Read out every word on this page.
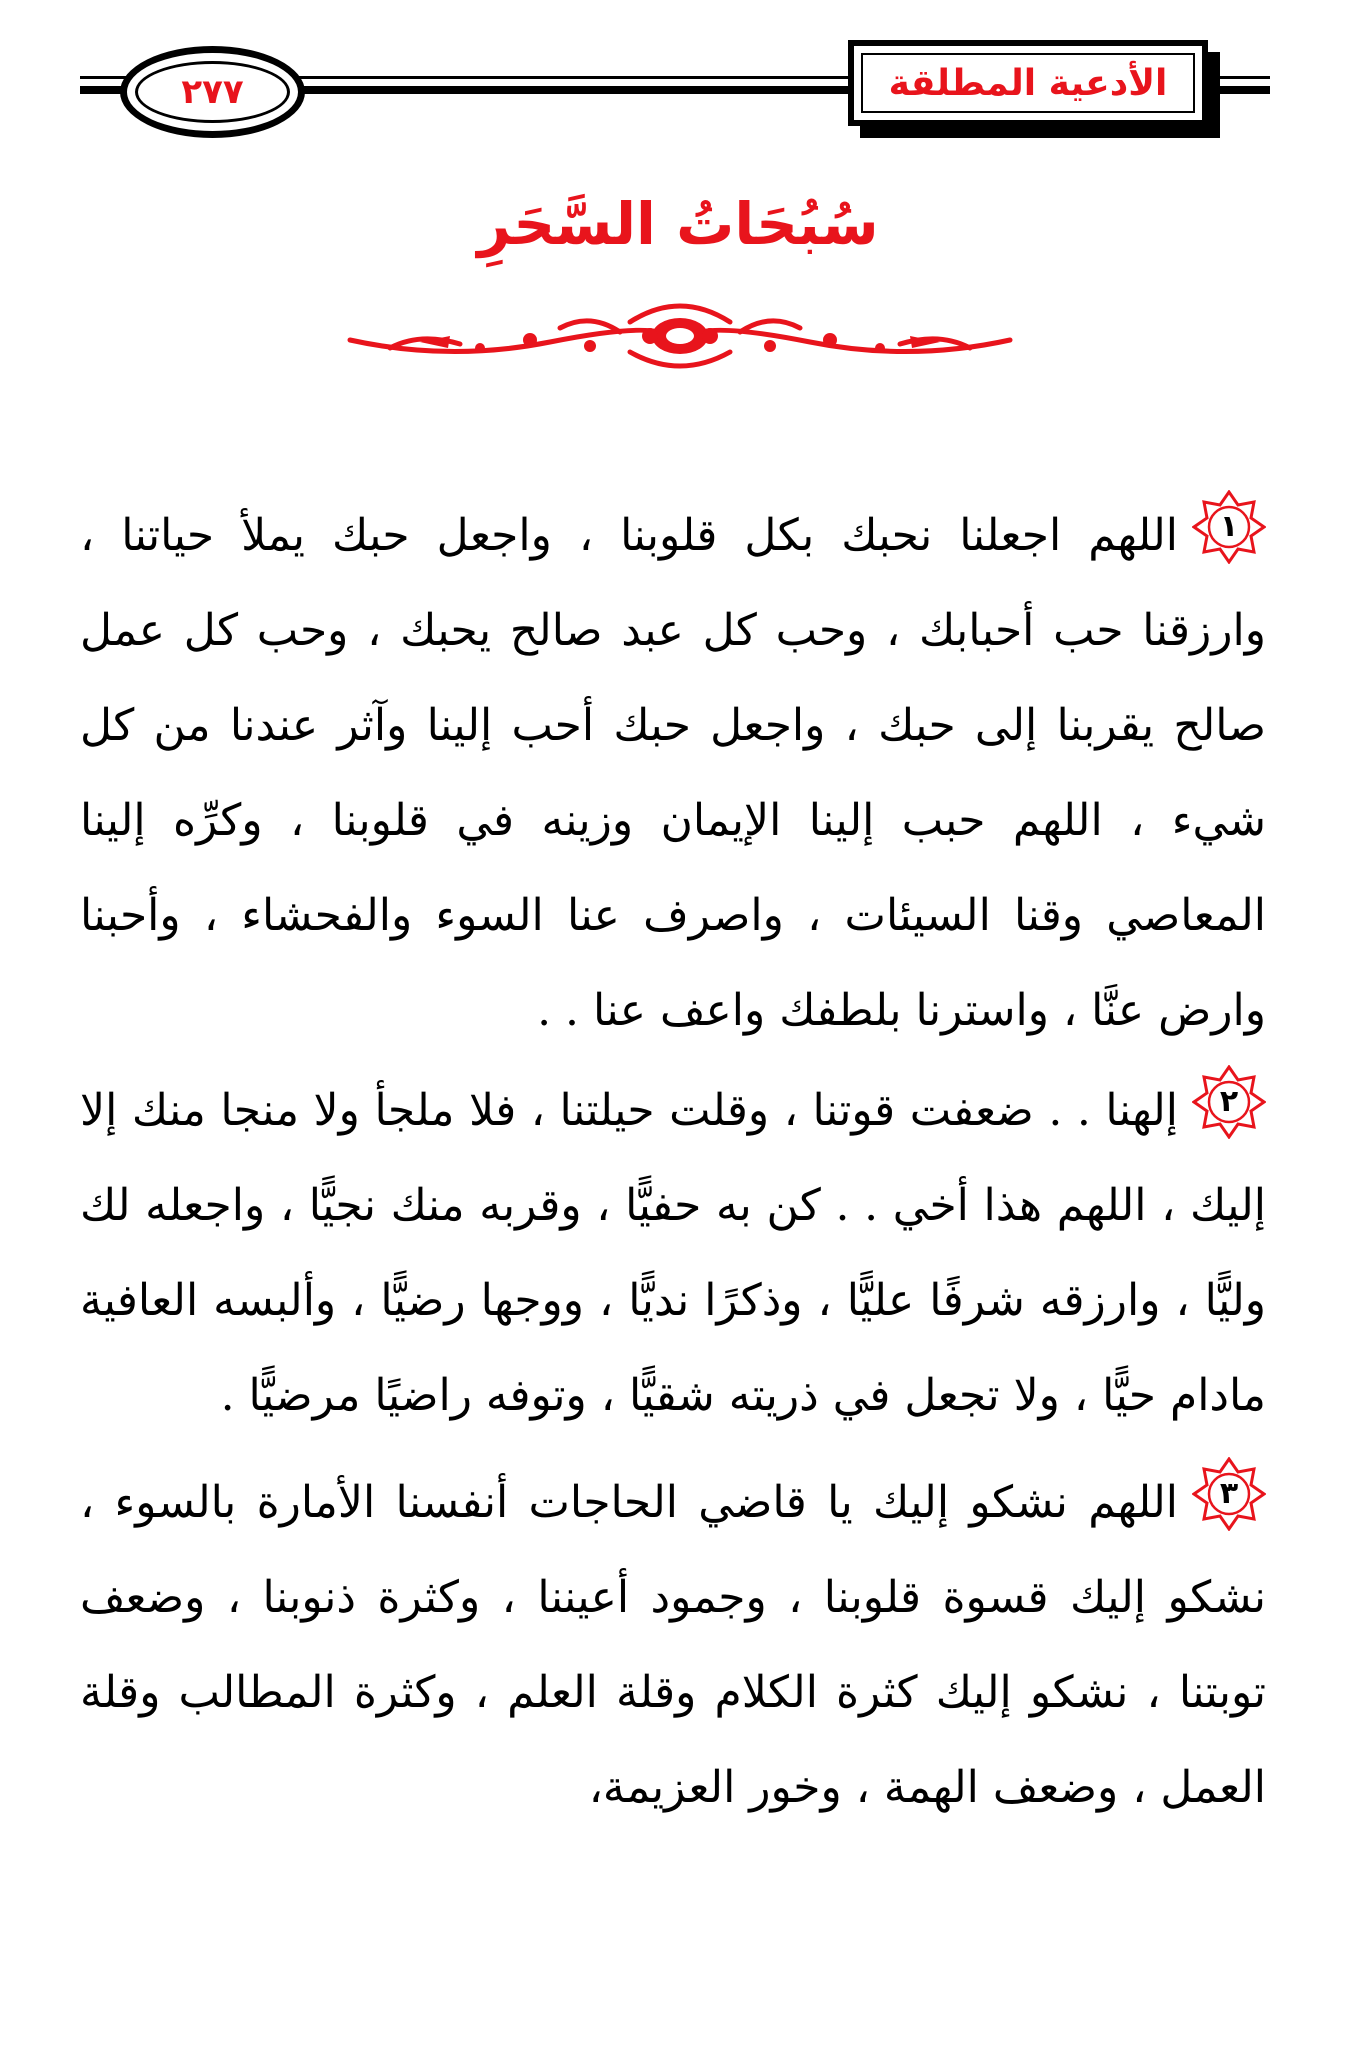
٢٧٧	الأدعية المطلقة
سُبُحَاتُ السَّحَرِ

١
اللهم اجعلنا نحبك بكل قلوبنا ، واجعل حبك يملأ حياتنا ، وارزقنا حب أحبابك ، وحب كل عبد صالح يحبك ، وحب كل عمل صالح يقربنا إلى حبك ، واجعل حبك أحب إلينا وآثر عندنا من كل شيء ، اللهم حبب إلينا الإيمان وزينه في قلوبنا ، وكرِّه إلينا المعاصي وقنا السيئات ، واصرف عنا السوء والفحشاء ، وأحبنا وارض عنَّا ، واسترنا بلطفك واعف عنا . .

٢
إلهنا . . ضعفت قوتنا ، وقلت حيلتنا ، فلا ملجأ ولا منجا منك إلا إليك ، اللهم هذا أخي . . كن به حفيًّا ، وقربه منك نجيًّا ، واجعله لك وليًّا ، وارزقه شرفًا عليًّا ، وذكرًا نديًّا ، ووجها رضيًّا ، وألبسه العافية مادام حيًّا ، ولا تجعل في ذريته شقيًّا ، وتوفه راضيًا مرضيًّا .

٣
اللهم نشكو إليك يا قاضي الحاجات أنفسنا الأمارة بالسوء ، نشكو إليك قسوة قلوبنا ، وجمود أعيننا ، وكثرة ذنوبنا ، وضعف توبتنا ، نشكو إليك كثرة الكلام وقلة العلم ، وكثرة المطالب وقلة العمل ، وضعف الهمة ، وخور العزيمة،
